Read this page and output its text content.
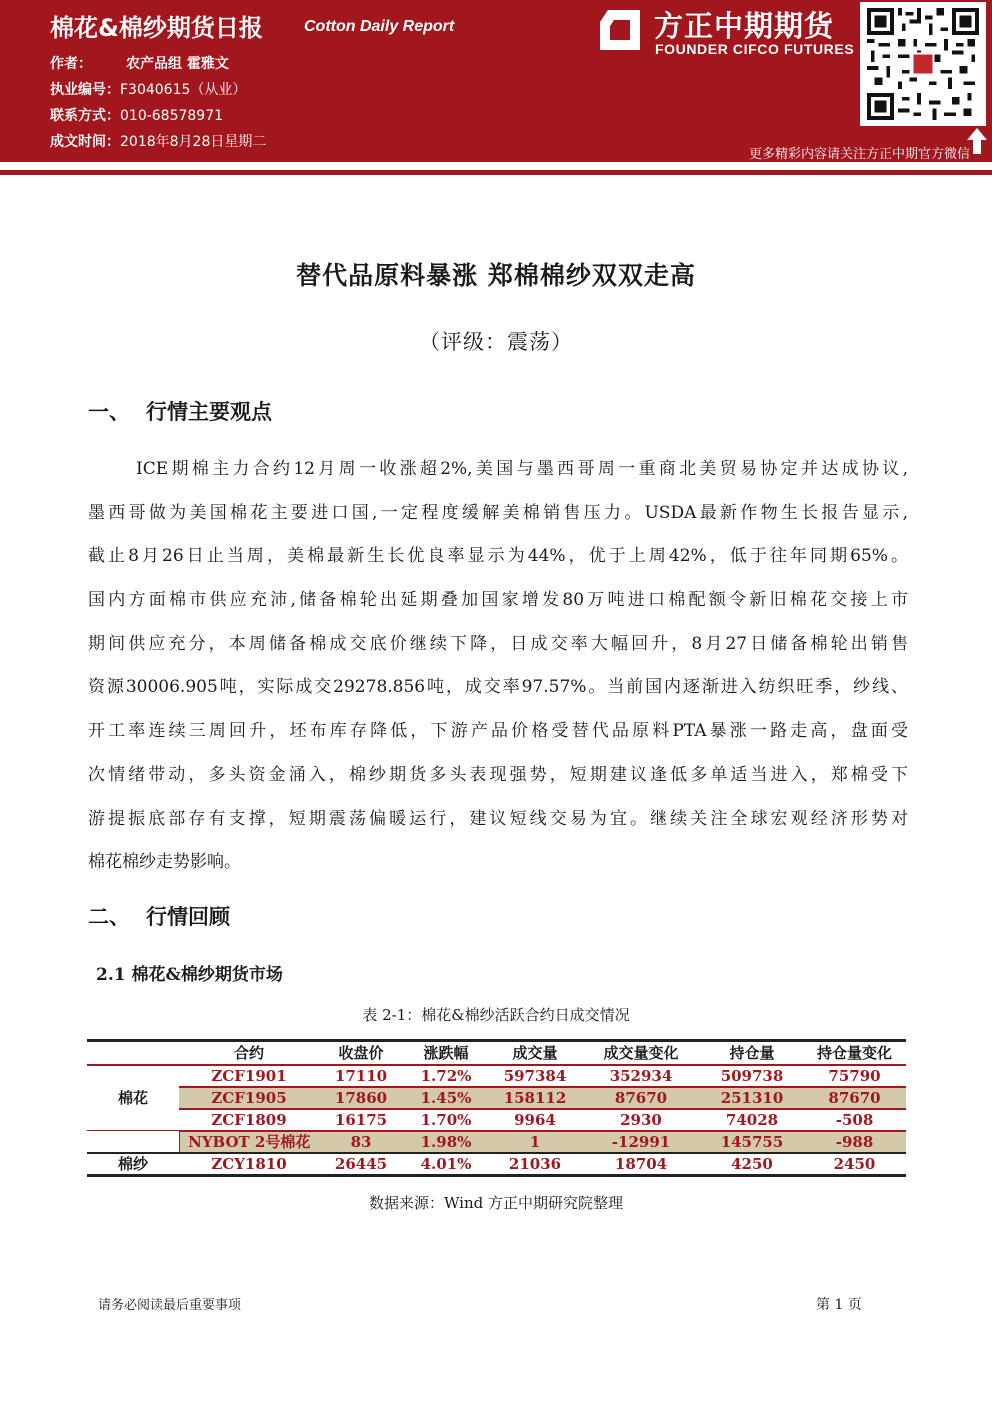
棉花&棉纱期货日报	Cotton Daily Report
作者： 农产品组 霍雅文
执业编号：F3040615（从业）
联系方式：010-68578971
成文时间：2018年8月28日星期二
方正中期期货
FOUNDER CIFCO FUTURES
更多精彩内容请关注方正中期官方微信
替代品原料暴涨 郑棉棉纱双双走高
（评级：震荡）
一、 行情主要观点
ICE期棉主力合约12月周一收涨超2%,美国与墨西哥周一重商北美贸易协定并达成协议,
墨西哥做为美国棉花主要进口国,一定程度缓解美棉销售压力。USDA最新作物生长报告显示,
截止8月26日止当周，美棉最新生长优良率显示为44%，优于上周42%，低于往年同期65%。
国内方面棉市供应充沛,储备棉轮出延期叠加国家增发80万吨进口棉配额令新旧棉花交接上市
期间供应充分，本周储备棉成交底价继续下降，日成交率大幅回升，8月27日储备棉轮出销售
资源30006.905吨，实际成交29278.856吨，成交率97.57%。当前国内逐渐进入纺织旺季，纱线、
开工率连续三周回升，坯布库存降低，下游产品价格受替代品原料PTA暴涨一路走高，盘面受
次情绪带动，多头资金涌入，棉纱期货多头表现强势，短期建议逢低多单适当进入，郑棉受下
游提振底部存有支撑，短期震荡偏暖运行，建议短线交易为宜。继续关注全球宏观经济形势对
棉花棉纱走势影响。
二、 行情回顾
2.1 棉花&棉纱期货市场
表 2-1：棉花&棉纱活跃合约日成交情况
	合约	收盘价	涨跌幅	成交量	成交量变化	持仓量	持仓量变化
棉花	ZCF1901	17110	1.72%	597384	352934	509738	75790
	ZCF1905	17860	1.45%	158112	87670	251310	87670
	ZCF1809	16175	1.70%	9964	2930	74028	-508
	NYBOT 2号棉花	83	1.98%	1	-12991	145755	-988
棉纱	ZCY1810	26445	4.01%	21036	18704	4250	2450
数据来源：Wind 方正中期研究院整理
请务必阅读最后重要事项	第 1 页
